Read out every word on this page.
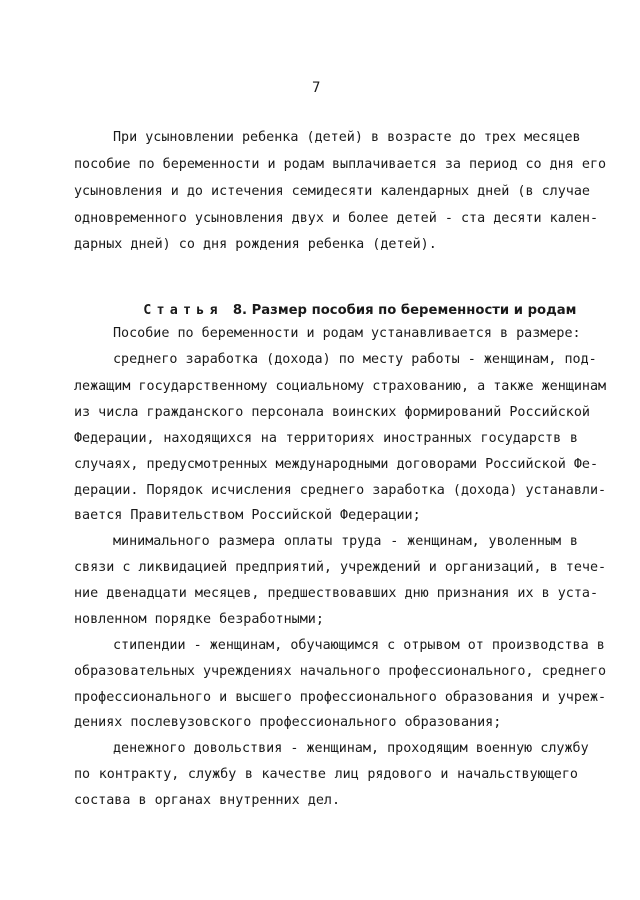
7
При усыновлении ребенка (детей) в возрасте до трех месяцев
пособие по беременности и родам выплачивается за период со дня его
усыновления и до истечения семидесяти календарных дней (в случае
одновременного усыновления двух и более детей - ста десяти кален-
дарных дней) со дня рождения ребенка (детей).

Статья 8. Размер пособия по беременности и родам

Пособие по беременности и родам устанавливается в размере:
среднего заработка (дохода) по месту работы - женщинам, под-
лежащим государственному социальному страхованию, а также женщинам
из числа гражданского персонала воинских формирований Российской
Федерации, находящихся на территориях иностранных государств в
случаях, предусмотренных международными договорами Российской Фе-
дерации. Порядок исчисления среднего заработка (дохода) устанавли-
вается Правительством Российской Федерации;
минимального размера оплаты труда - женщинам, уволенным в
связи с ликвидацией предприятий, учреждений и организаций, в тече-
ние двенадцати месяцев, предшествовавших дню признания их в уста-
новленном порядке безработными;
стипендии - женщинам, обучающимся с отрывом от производства в
образовательных учреждениях начального профессионального, среднего
профессионального и высшего профессионального образования и учреж-
дениях послевузовского профессионального образования;
денежного довольствия - женщинам, проходящим военную службу
по контракту, службу в качестве лиц рядового и начальствующего
состава в органах внутренних дел.
